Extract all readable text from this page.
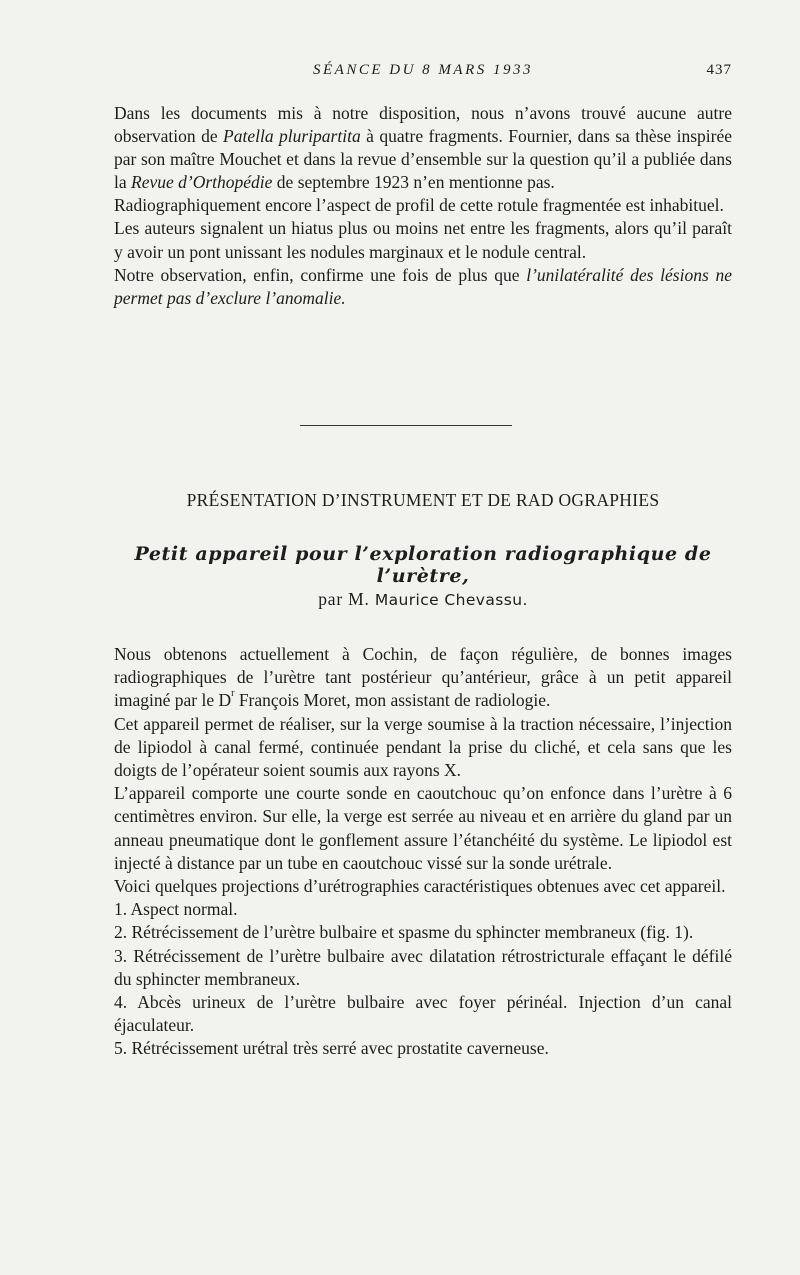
SÉANCE DU 8 MARS 1933	437

Dans les documents mis à notre disposition, nous n’avons trouvé aucune autre observation de Patella pluripartita à quatre fragments. Fournier, dans sa thèse inspirée par son maître Mouchet et dans la revue d’ensemble sur la question qu’il a publiée dans la Revue d’Orthopédie de septembre 1923 n’en mentionne pas.

Radiographiquement encore l’aspect de profil de cette rotule fragmentée est inhabituel.

Les auteurs signalent un hiatus plus ou moins net entre les fragments, alors qu’il paraît y avoir un pont unissant les nodules marginaux et le nodule central.

Notre observation, enfin, confirme une fois de plus que l’unilatéralité des lésions ne permet pas d’exclure l’anomalie.

PRÉSENTATION D’INSTRUMENT ET DE RAD OGRAPHIES
Petit appareil pour l’exploration radiographique de l’urètre,
par M. Maurice Chevassu.

Nous obtenons actuellement à Cochin, de façon régulière, de bonnes images radiographiques de l’urètre tant postérieur qu’antérieur, grâce à un petit appareil imaginé par le $D^r$ François Moret, mon assistant de radiologie.

Cet appareil permet de réaliser, sur la verge soumise à la traction nécessaire, l’injection de lipiodol à canal fermé, continuée pendant la prise du cliché, et cela sans que les doigts de l’opérateur soient soumis aux rayons X.

L’appareil comporte une courte sonde en caoutchouc qu’on enfonce dans l’urètre à 6 centimètres environ. Sur elle, la verge est serrée au niveau et en arrière du gland par un anneau pneumatique dont le gonflement assure l’étanchéité du système. Le lipiodol est injecté à distance par un tube en caoutchouc vissé sur la sonde urétrale.

Voici quelques projections d’urétrographies caractéristiques obtenues avec cet appareil.

1. Aspect normal.

2. Rétrécissement de l’urètre bulbaire et spasme du sphincter membraneux (fig. 1).

3. Rétrécissement de l’urètre bulbaire avec dilatation rétrostricturale effaçant le défilé du sphincter membraneux.

4. Abcès urineux de l’urètre bulbaire avec foyer périnéal. Injection d’un canal éjaculateur.

5. Rétrécissement urétral très serré avec prostatite caverneuse.
